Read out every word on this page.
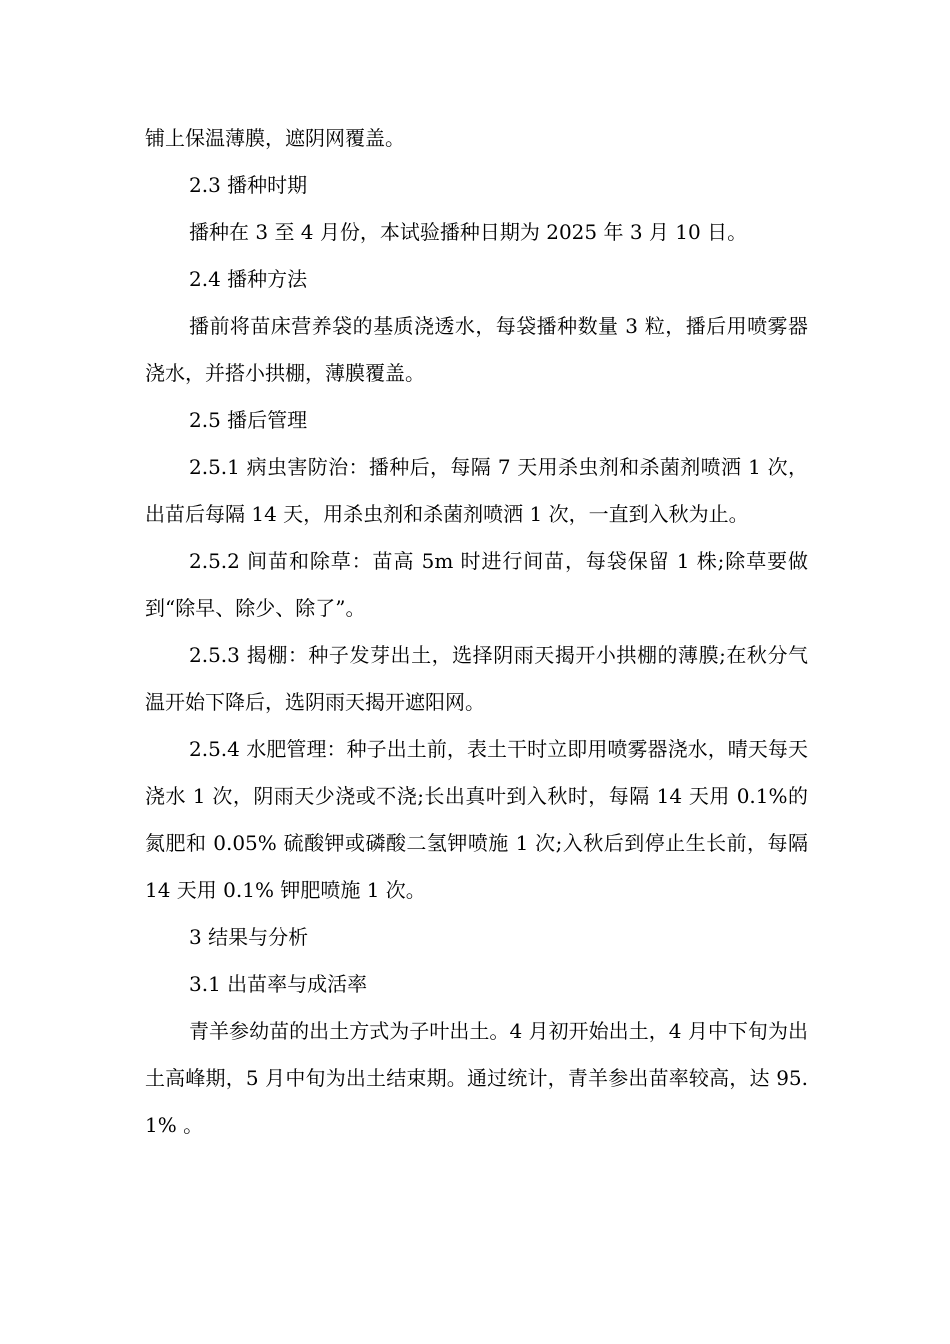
铺上保温薄膜，遮阴网覆盖。

2.3 播种时期

播种在 3 至 4 月份，本试验播种日期为 2025 年 3 月 10 日。

2.4 播种方法

播前将苗床营养袋的基质浇透水，每袋播种数量 3 粒，播后用喷雾器浇水，并搭小拱棚，薄膜覆盖。

2.5 播后管理

2.5.1 病虫害防治：播种后，每隔 7 天用杀虫剂和杀菌剂喷洒 1 次，出苗后每隔 14 天，用杀虫剂和杀菌剂喷洒 1 次，一直到入秋为止。

2.5.2 间苗和除草：苗高 5m 时进行间苗，每袋保留 1 株;除草要做到“除早、除少、除了”。

2.5.3 揭棚：种子发芽出土，选择阴雨天揭开小拱棚的薄膜;在秋分气温开始下降后，选阴雨天揭开遮阳网。

2.5.4 水肥管理：种子出土前，表土干时立即用喷雾器浇水，晴天每天浇水 1 次，阴雨天少浇或不浇;长出真叶到入秋时，每隔 14 天用 0.1%的氮肥和 0.05% 硫酸钾或磷酸二氢钾喷施 1 次;入秋后到停止生长前，每隔 14 天用 0.1% 钾肥喷施 1 次。

3 结果与分析

3.1 出苗率与成活率

青羊参幼苗的出土方式为子叶出土。4 月初开始出土，4 月中下旬为出土高峰期，5 月中旬为出土结束期。通过统计，青羊参出苗率较高，达 95.1% 。
